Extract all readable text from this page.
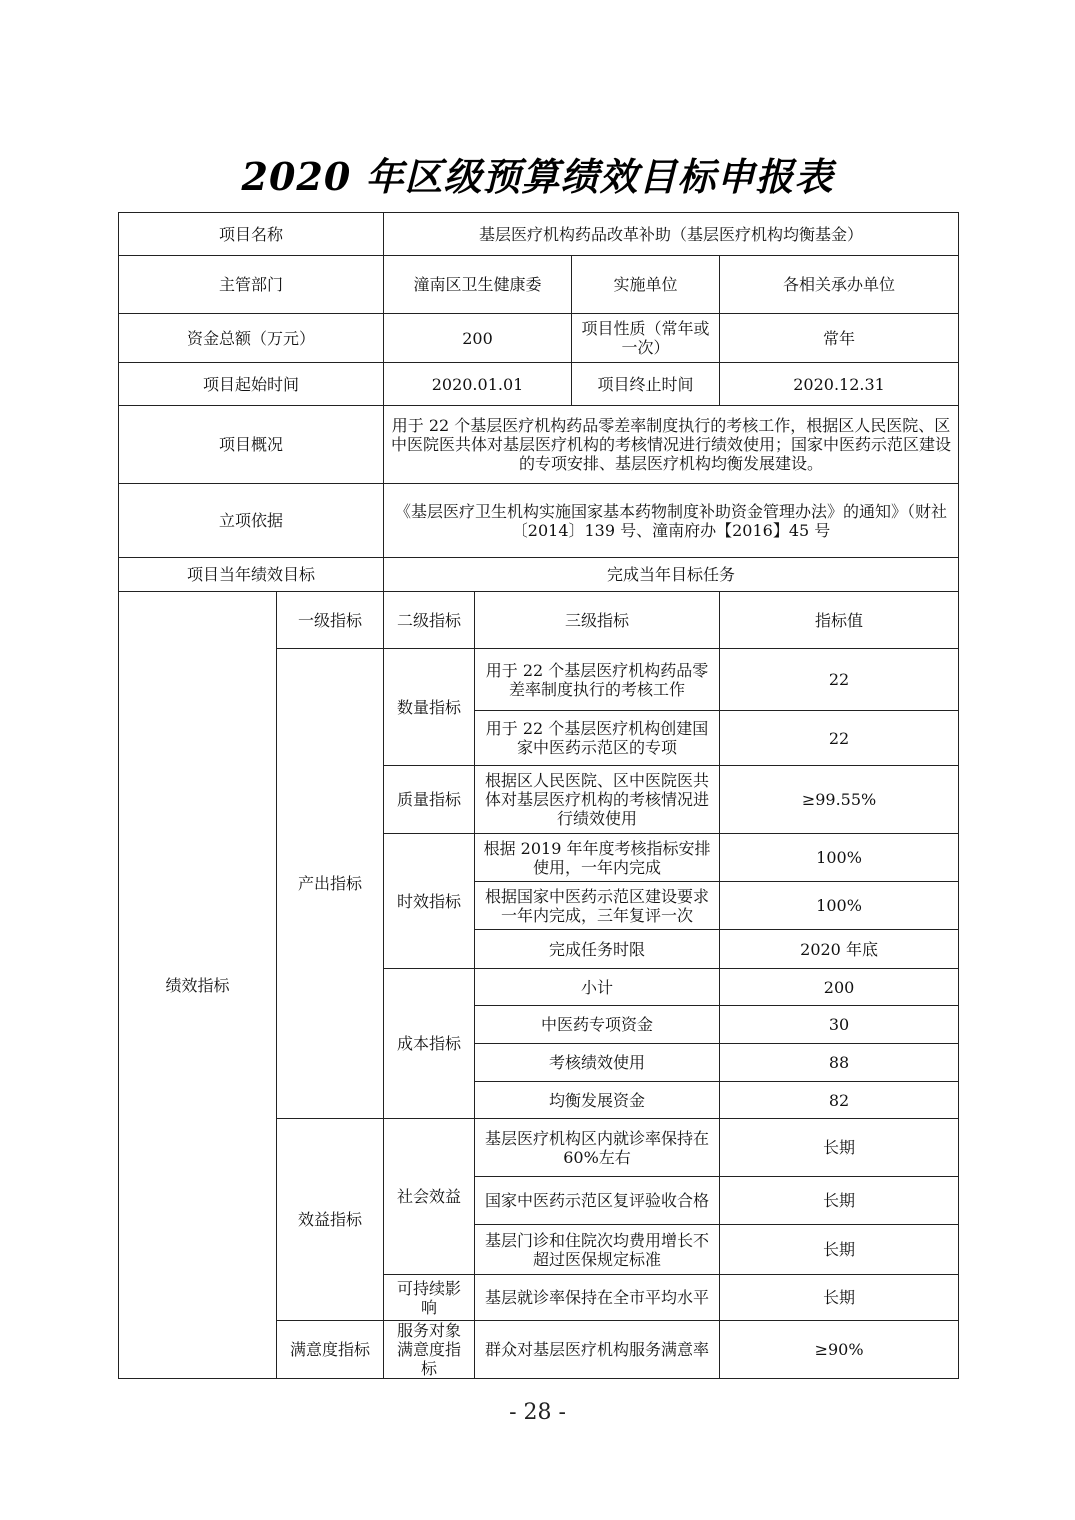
2020 年区级预算绩效目标申报表
项目名称		基层医疗机构药品改革补助（基层医疗机构均衡基金）			
主管部门		潼南区卫生健康委		实施单位	各相关承办单位
资金总额（万元）		200		项目性质（常年或一次）	常年
项目起始时间		2020.01.01		项目终止时间	2020.12.31
项目概况		用于 22 个基层医疗机构药品零差率制度执行的考核工作，根据区人民医院、区中医院医共体对基层医疗机构的考核情况进行绩效使用；国家中医药示范区建设的专项安排、基层医疗机构均衡发展建设。			
立项依据		《基层医疗卫生机构实施国家基本药物制度补助资金管理办法》的通知》（财社〔2014〕139 号、潼南府办【2016】45 号			
项目当年绩效目标		完成当年目标任务			
绩效指标	一级指标	二级指标	三级指标		指标值
	产出指标	数量指标	用于 22 个基层医疗机构药品零差率制度执行的考核工作		22
			用于 22 个基层医疗机构创建国家中医药示范区的专项		22
		质量指标	根据区人民医院、区中医院医共体对基层医疗机构的考核情况进行绩效使用		≥99.55%
		时效指标	根据 2019 年年度考核指标安排使用，一年内完成		100%
			根据国家中医药示范区建设要求一年内完成，三年复评一次		100%
			完成任务时限		2020 年底
		成本指标	小计		200
			中医药专项资金		30
			考核绩效使用		88
			均衡发展资金		82
	效益指标	社会效益	基层医疗机构区内就诊率保持在 60%左右		长期
			国家中医药示范区复评验收合格		长期
			基层门诊和住院次均费用增长不超过医保规定标准		长期
		可持续影响	基层就诊率保持在全市平均水平		长期
	满意度指标	服务对象满意度指标	群众对基层医疗机构服务满意率		≥90%
- 28 -
